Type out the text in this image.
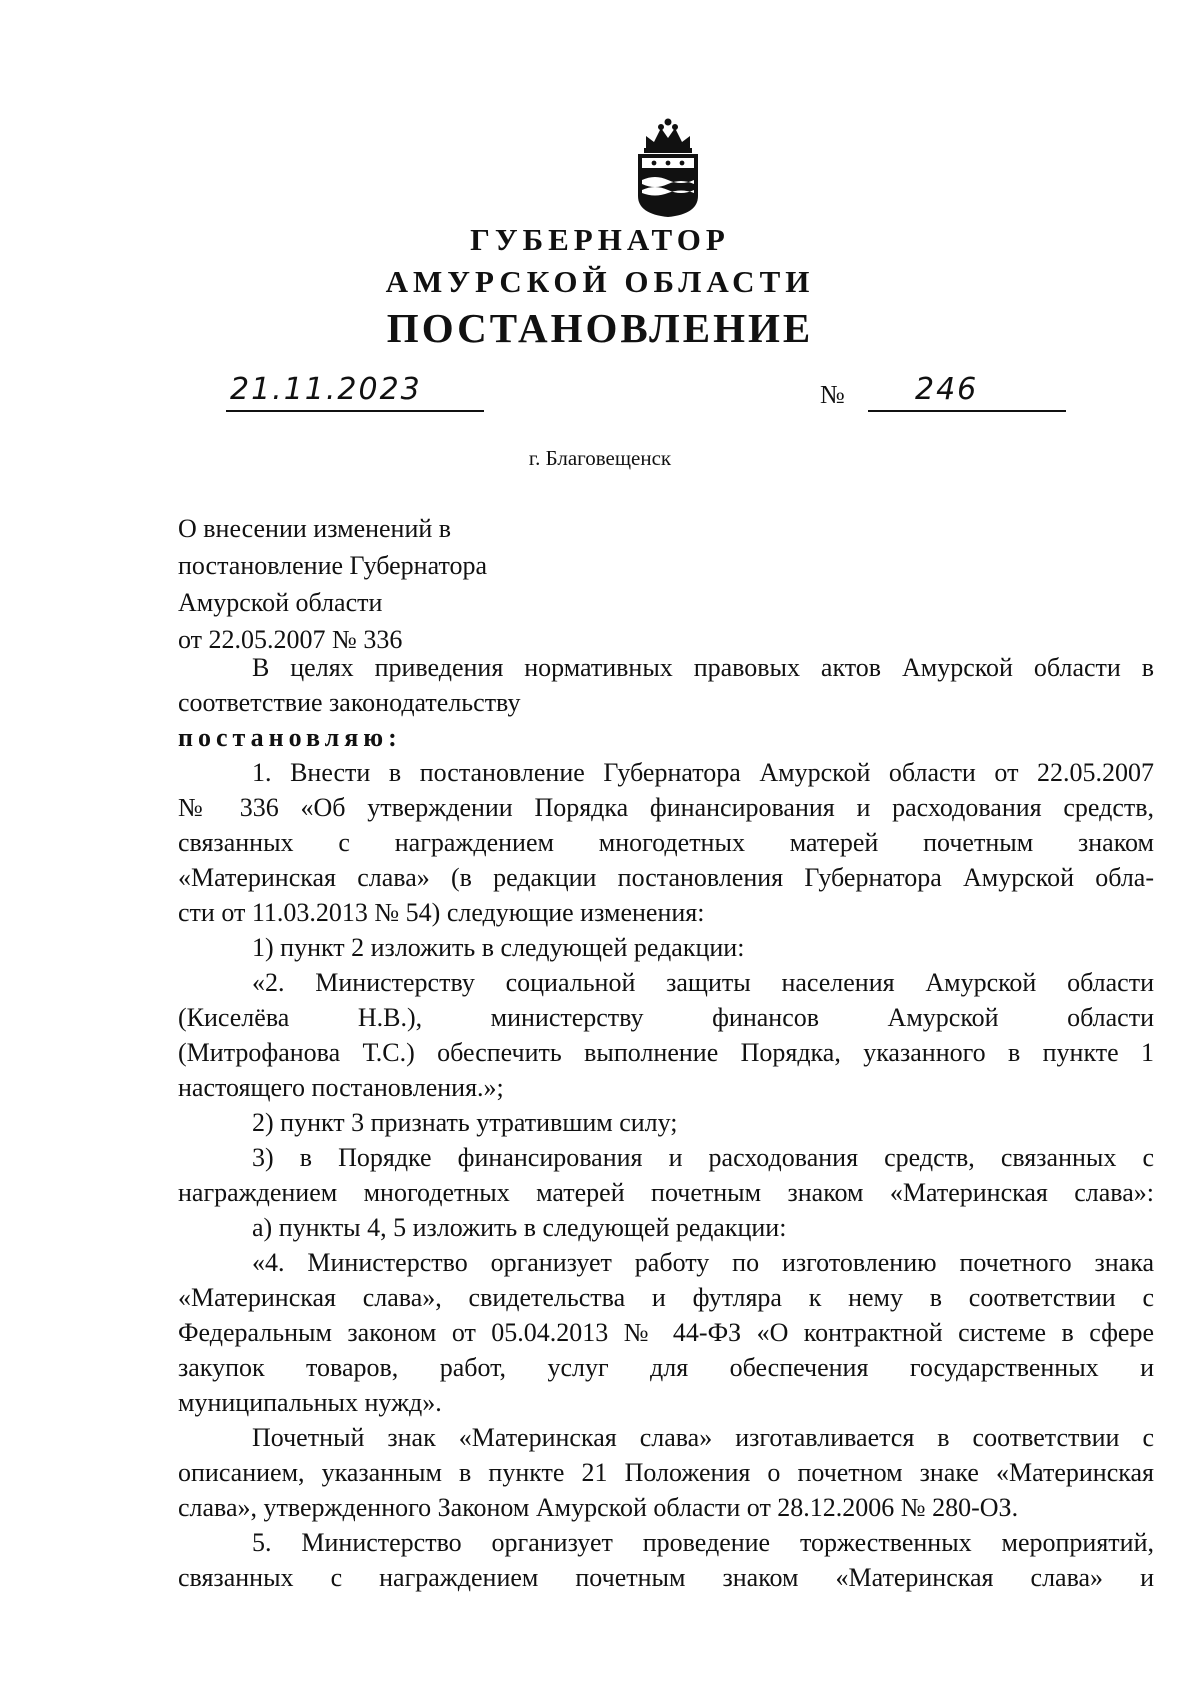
ГУБЕРНАТОР
АМУРСКОЙ ОБЛАСТИ
ПОСТАНОВЛЕНИЕ
21.11.2023	№ 246
г. Благовещенск
О внесении изменений в
постановление Губернатора
Амурской области
от 22.05.2007 № 336
В целях приведения нормативных правовых актов Амурской области в
соответствие законодательству
постановляю:
1. Внести в постановление Губернатора Амурской области от 22.05.2007
№ 336 «Об утверждении Порядка финансирования и расходования средств,
связанных с награждением многодетных матерей почетным знаком
«Материнская слава» (в редакции постановления Губернатора Амурской обла-
сти от 11.03.2013 № 54) следующие изменения:
1) пункт 2 изложить в следующей редакции:
«2. Министерству социальной защиты населения Амурской области
(Киселёва Н.В.), министерству финансов Амурской области
(Митрофанова Т.С.) обеспечить выполнение Порядка, указанного в пункте 1
настоящего постановления.»;
2) пункт 3 признать утратившим силу;
3) в Порядке финансирования и расходования средств, связанных с
награждением многодетных матерей почетным знаком «Материнская слава»:
а) пункты 4, 5 изложить в следующей редакции:
«4. Министерство организует работу по изготовлению почетного знака
«Материнская слава», свидетельства и футляра к нему в соответствии с
Федеральным законом от 05.04.2013 № 44-ФЗ «О контрактной системе в сфере
закупок товаров, работ, услуг для обеспечения государственных и
муниципальных нужд».
Почетный знак «Материнская слава» изготавливается в соответствии с
описанием, указанным в пункте 21 Положения о почетном знаке «Материнская
слава», утвержденного Законом Амурской области от 28.12.2006 № 280-ОЗ.
5. Министерство организует проведение торжественных мероприятий,
связанных с награждением почетным знаком «Материнская слава» и
